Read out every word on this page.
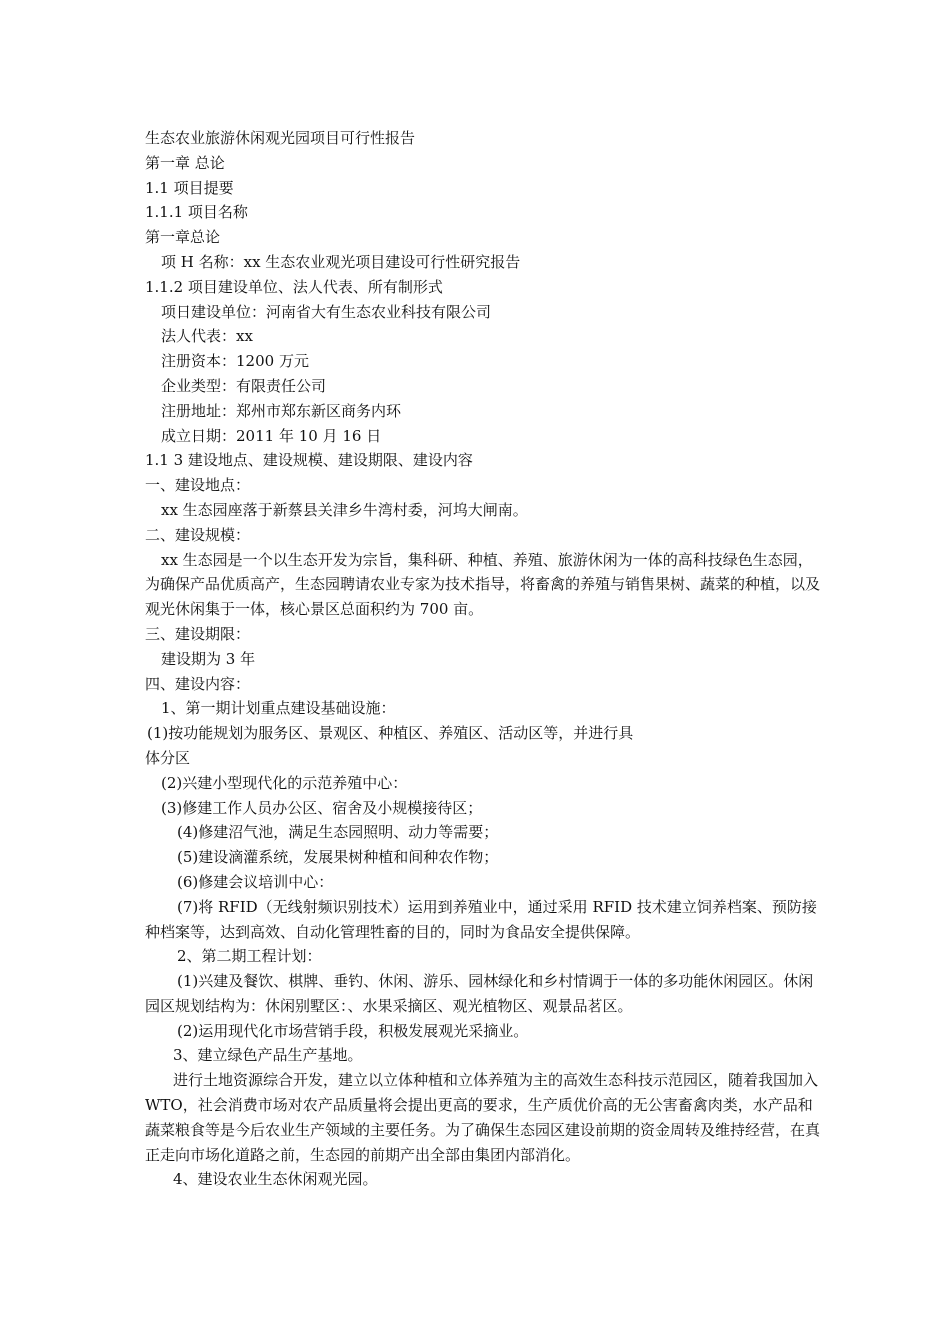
生态农业旅游休闲观光园项目可行性报告
第一章 总论
1.1 项目提要
1.1.1 项目名称
第一章总论
项 H 名称：xx 生态农业观光项目建设可行性研究报告
1.1.2 项目建设单位、法人代表、所有制形式
项日建设单位：河南省大有生态农业科技有限公司
法人代表：xx
注册资本：1200 万元
企业类型：有限责任公司
注册地址：郑州市郑东新区商务内环
成立日期：2011 年 10 月 16 日
1.1 3 建设地点、建设规模、建设期限、建设内容
一、建设地点：
xx 生态园座落于新蔡县关津乡牛湾村委，河坞大闸南。
二、建设规模：
xx 生态园是一个以生态开发为宗旨，集科研、种植、养殖、旅游休闲为一体的高科技绿色生态园，为确保产品优质高产，生态园聘请农业专家为技术指导，将畜禽的养殖与销售果树、蔬菜的种植，以及观光休闲集于一体，核心景区总面积约为 700 亩。
三、建设期限：
建设期为 3 年
四、建设内容：
1、第一期计划重点建设基础设施：
(1)按功能规划为服务区、景观区、种植区、养殖区、活动区等，并进行具
体分区
(2)兴建小型现代化的示范养殖中心：
(3)修建工作人员办公区、宿舍及小规模接待区；
(4)修建沼气池，满足生态园照明、动力等需要；
(5)建设滴灌系统，发展果树种植和间种农作物；
(6)修建会议培训中心：
(7)将 RFID（无线射频识别技术）运用到养殖业中，通过采用 RFID 技术建立饲养档案、预防接种档案等，达到高效、自动化管理牲畜的目的，同时为食品安全提供保障。
2、第二期工程计划：
(1)兴建及餐饮、棋牌、垂钓、休闲、游乐、园林绿化和乡村情调于一体的多功能休闲园区。休闲园区规划结构为：休闲别墅区：、水果采摘区、观光植物区、观景品茗区。
(2)运用现代化市场营销手段，积极发展观光采摘业。
3、建立绿色产品生产基地。
进行土地资源综合开发，建立以立体种植和立体养殖为主的高效生态科技示范园区，随着我国加入 WTO，社会消费市场对农产品质量将会提出更高的要求，生产质优价高的无公害畜禽肉类，水产品和蔬菜粮食等是今后农业生产领域的主要任务。为了确保生态园区建设前期的资金周转及维持经营，在真正走向市场化道路之前，生态园的前期产出全部由集团内部消化。
4、建设农业生态休闲观光园。
